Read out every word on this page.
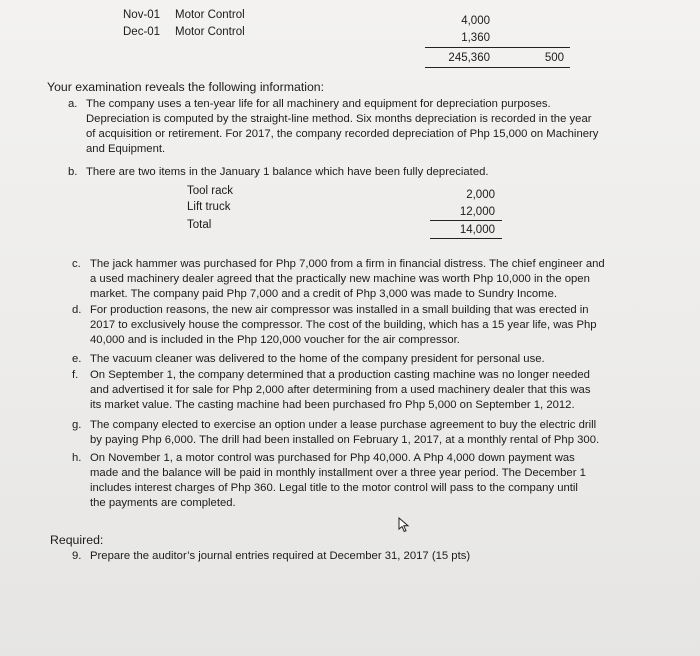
Nov-01 Motor Control	4,000
Dec-01 Motor Control	1,360
245,360	500
Your examination reveals the following information:
a. The company uses a ten-year life for all machinery and equipment for depreciation purposes.
Depreciation is computed by the straight-line method. Six months depreciation is recorded in the year
of acquisition or retirement. For 2017, the company recorded depreciation of Php 15,000 on Machinery
and Equipment.
b. There are two items in the January 1 balance which have been fully depreciated.
Tool rack	2,000
Lift truck	12,000
Total	14,000
c. The jack hammer was purchased for Php 7,000 from a firm in financial distress. The chief engineer and
a used machinery dealer agreed that the practically new machine was worth Php 10,000 in the open
market. The company paid Php 7,000 and a credit of Php 3,000 was made to Sundry Income.
d. For production reasons, the new air compressor was installed in a small building that was erected in
2017 to exclusively house the compressor. The cost of the building, which has a 15 year life, was Php
40,000 and is included in the Php 120,000 voucher for the air compressor.
e. The vacuum cleaner was delivered to the home of the company president for personal use.
f. On September 1, the company determined that a production casting machine was no longer needed
and advertised it for sale for Php 2,000 after determining from a used machinery dealer that this was
its market value. The casting machine had been purchased fro Php 5,000 on September 1, 2012.
g. The company elected to exercise an option under a lease purchase agreement to buy the electric drill
by paying Php 6,000. The drill had been installed on February 1, 2017, at a monthly rental of Php 300.
h. On November 1, a motor control was purchased for Php 40,000. A Php 4,000 down payment was
made and the balance will be paid in monthly installment over a three year period. The December 1
includes interest charges of Php 360. Legal title to the motor control will pass to the company until
the payments are completed.
Required:
9. Prepare the auditor’s journal entries required at December 31, 2017 (15 pts)
